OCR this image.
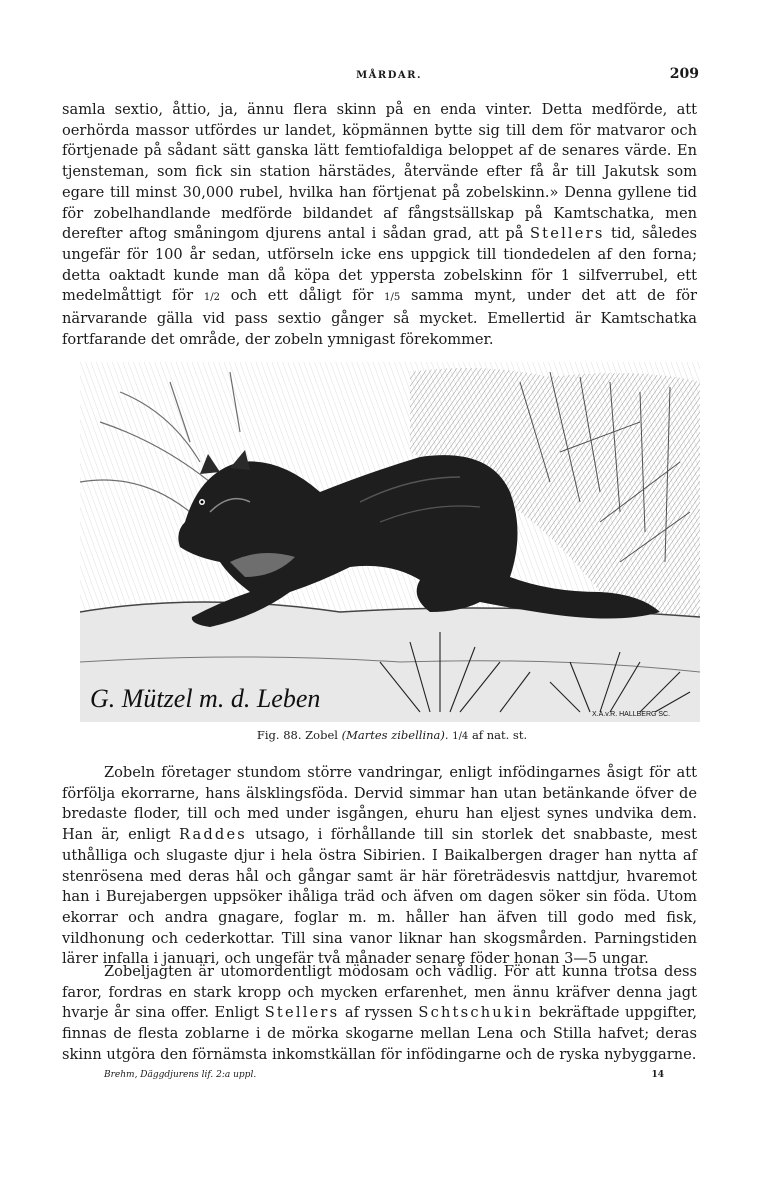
MÅRDAR.	209

samla sextio, åttio, ja, ännu flera skinn på en enda vinter. Detta medförde, att oerhörda massor utfördes ur landet, köpmännen bytte sig till dem för matvaror och förtjenade på sådant sätt ganska lätt femtiofaldiga beloppet af de senares värde. En tjensteman, som fick sin station härstädes, återvände efter få år till Jakutsk som egare till minst 30,000 rubel, hvilka han förtjenat på zobelskinn.» Denna gyllene tid för zobelhandlande medförde bildandet af fångstsällskap på Kamtschatka, men derefter aftog småningom djurens antal i sådan grad, att på Stellers tid, således ungefär för 100 år sedan, utförseln icke ens uppgick till tiondedelen af den forna; detta oaktadt kunde man då köpa det yppersta zobelskinn för 1 silfverrubel, ett medelmåttigt för 1/2 och ett dåligt för 1/5 samma mynt, under det att de för närvarande gälla vid pass sextio gånger så mycket. Emellertid är Kamtschatka fortfarande det område, der zobeln ymnigast förekommer.

G. Mützel m. d. Leben
X.A.v.R. HALLBERG SC.
Fig. 88. Zobel (Martes zibellina). 1/4 af nat. st.

Zobeln företager stundom större vandringar, enligt infödingarnes åsigt för att förfölja ekorrarne, hans älsklingsföda. Dervid simmar han utan betänkande öfver de bredaste floder, till och med under isgången, ehuru han eljest synes undvika dem. Han är, enligt Raddes utsago, i förhållande till sin storlek det snabbaste, mest uthålliga och slugaste djur i hela östra Sibirien. I Baikalbergen drager han nytta af stenrösena med deras hål och gångar samt är här företrädesvis nattdjur, hvaremot han i Burejabergen uppsöker ihåliga träd och äfven om dagen söker sin föda. Utom ekorrar och andra gnagare, foglar m. m. håller han äfven till godo med fisk, vildhonung och cederkottar. Till sina vanor liknar han skogsmården. Parningstiden lärer infalla i januari, och ungefär två månader senare föder honan 3—5 ungar.

Zobeljagten är utomordentligt mödosam och vådlig. För att kunna trotsa dess faror, fordras en stark kropp och mycken erfarenhet, men ännu kräfver denna jagt hvarje år sina offer. Enligt Stellers af ryssen Schtschukin bekräftade uppgifter, finnas de flesta zoblarne i de mörka skogarne mellan Lena och Stilla hafvet; deras skinn utgöra den förnämsta inkomstkällan för infödingarne och de ryska nybyggarne.

Brehm, Däggdjurens lif. 2:a uppl.	14
